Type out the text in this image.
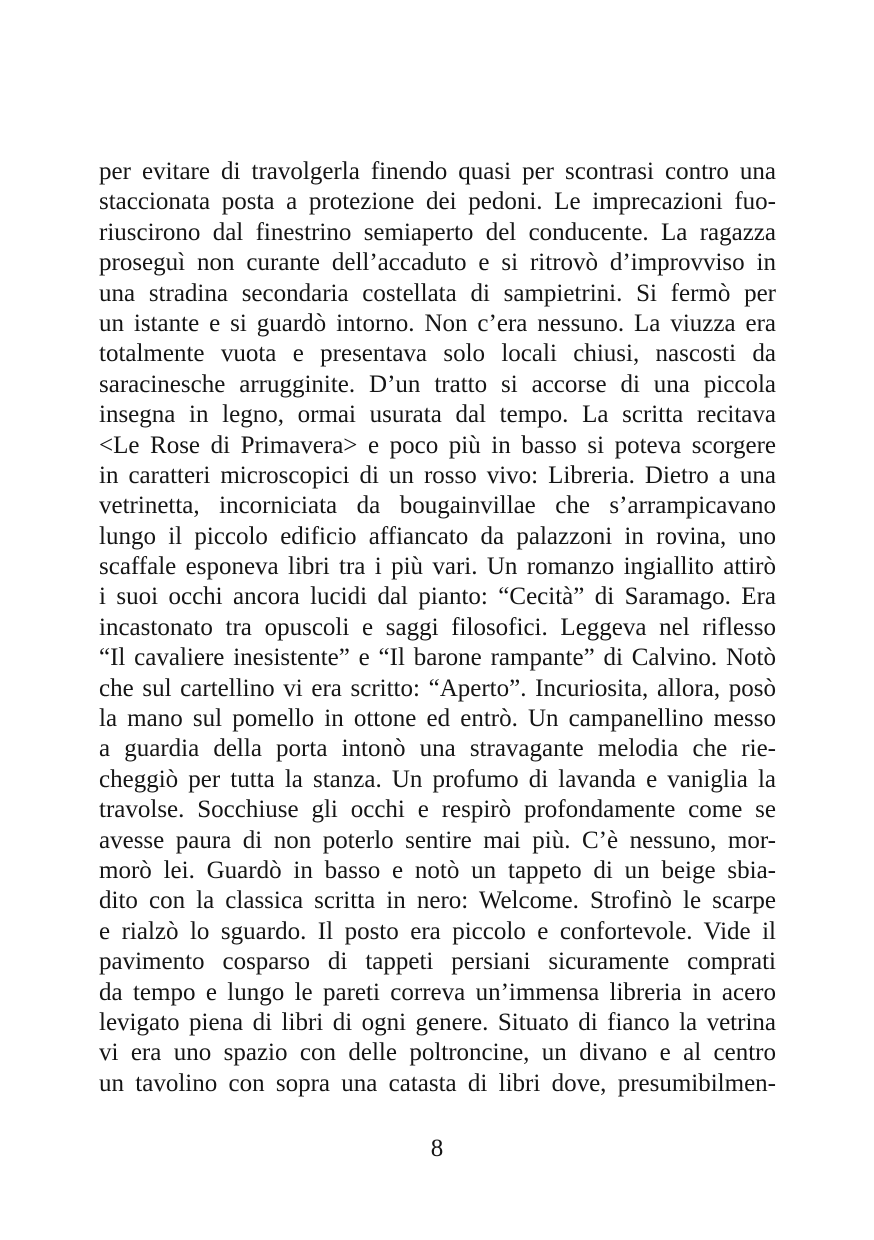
per evitare di travolgerla finendo quasi per scontrasi contro una
staccionata posta a protezione dei pedoni. Le imprecazioni fuo-
riuscirono dal finestrino semiaperto del conducente. La ragazza
proseguì non curante dell’accaduto e si ritrovò d’improvviso in
una stradina secondaria costellata di sampietrini. Si fermò per
un istante e si guardò intorno. Non c’era nessuno. La viuzza era
totalmente vuota e presentava solo locali chiusi, nascosti da
saracinesche arrugginite. D’un tratto si accorse di una piccola
insegna in legno, ormai usurata dal tempo. La scritta recitava
<Le Rose di Primavera> e poco più in basso si poteva scorgere
in caratteri microscopici di un rosso vivo: Libreria. Dietro a una
vetrinetta, incorniciata da bougainvillae che s’arrampicavano
lungo il piccolo edificio affiancato da palazzoni in rovina, uno
scaffale esponeva libri tra i più vari. Un romanzo ingiallito attirò
i suoi occhi ancora lucidi dal pianto: “Cecità” di Saramago. Era
incastonato tra opuscoli e saggi filosofici. Leggeva nel riflesso
“Il cavaliere inesistente” e “Il barone rampante” di Calvino. Notò
che sul cartellino vi era scritto: “Aperto”. Incuriosita, allora, posò
la mano sul pomello in ottone ed entrò. Un campanellino messo
a guardia della porta intonò una stravagante melodia che rie-
cheggiò per tutta la stanza. Un profumo di lavanda e vaniglia la
travolse. Socchiuse gli occhi e respirò profondamente come se
avesse paura di non poterlo sentire mai più. C’è nessuno, mor-
morò lei. Guardò in basso e notò un tappeto di un beige sbia-
dito con la classica scritta in nero: Welcome. Strofinò le scarpe
e rialzò lo sguardo. Il posto era piccolo e confortevole. Vide il
pavimento cosparso di tappeti persiani sicuramente comprati
da tempo e lungo le pareti correva un’immensa libreria in acero
levigato piena di libri di ogni genere. Situato di fianco la vetrina
vi era uno spazio con delle poltroncine, un divano e al centro
un tavolino con sopra una catasta di libri dove, presumibilmen-
8
